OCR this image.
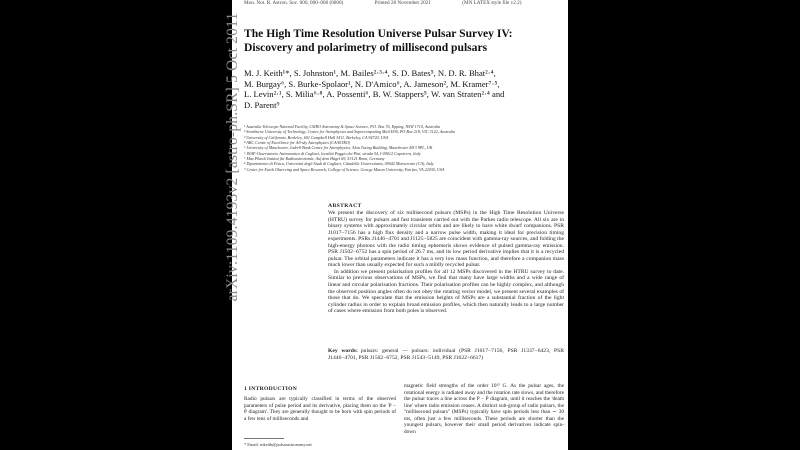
arXiv:1109.4193v2 [astro-ph.SR] 5 Oct 2011
Mon. Not. R. Astron. Soc. 000, 000–000 (0000)	Printed 28 November 2021	(MN LATEX style file v2.2)
The High Time Resolution Universe Pulsar Survey IV:
Discovery and polarimetry of millisecond pulsars
M. J. Keith¹*, S. Johnston¹, M. Bailes²·³·⁴, S. D. Bates⁵, N. D. R. Bhat²·⁴,
M. Burgay⁶, S. Burke-Spolaor¹, N. D'Amico⁶, A. Jameson², M. Kramer⁷·⁵,
L. Levin²·¹, S. Milia⁶·⁸, A. Possenti⁶, B. W. Stappers⁵, W. van Straten²·⁴ and
D. Parent⁹
¹ Australia Telescope National Facility, CSIRO Astronomy & Space Science, P.O. Box 76, Epping, NSW 1710, Australia
² Swinburne University of Technology, Centre for Astrophysics and Supercomputing Mail H30, PO Box 218, VIC 3122, Australia
³ University of California, Berkeley, 601 Campbell Hall 3411, Berkeley, CA 94720, USA
⁴ ARC Centre of Excellence for All-sky Astrophysics (CAASTRO)
⁵ University of Manchester, Jodrell Bank Centre for Astrophysics, Alan Turing Building, Manchester M13 9PL, UK
⁶ INAF-Osservatorio Astronomico di Cagliari, localitá Poggio dei Pini, strada 54, I-09012 Capoterra, Italy
⁷ Max Planck Institut für Radioastronomie, Auf dem Hügel 69, 53121 Bonn, Germany
⁸ Dipartimento di Fisica, Università degli Studi di Cagliari, Cittadella Universitaria, 09042 Monserrato (CA), Italy
⁹ Center for Earth Observing and Space Research, College of Science, George Mason University, Fairfax, VA 22030, USA
ABSTRACT

We present the discovery of six millisecond pulsars (MSPs) in the High Time Resolution Universe (HTRU) survey for pulsars and fast transients carried out with the Parkes radio telescope. All six are in binary systems with approximately circular orbits and are likely to have white dwarf companions. PSR J1017−7156 has a high flux density and a narrow pulse width, making it ideal for precision timing experiments. PSRs J1446−4701 and J1125−5825 are coincident with gamma-ray sources, and folding the high-energy photons with the radio timing ephemeris shows evidence of pulsed gamma-ray emission. PSR J1502−6752 has a spin period of 26.7 ms, and its low period derivative implies that it is a recycled pulsar. The orbital parameters indicate it has a very low mass function, and therefore a companion mass much lower than usually expected for such a mildly recycled pulsar.

In addition we present polarisation profiles for all 12 MSPs discovered in the HTRU survey to date. Similar to previous observations of MSPs, we find that many have large widths and a wide range of linear and circular polarisation fractions. Their polarisation profiles can be highly complex, and although the observed position angles often do not obey the rotating vector model, we present several examples of those that do. We speculate that the emission heights of MSPs are a substantial fraction of the light cylinder radius in order to explain broad emission profiles, which then naturally leads to a large number of cases where emission from both poles is observed.

Key words: pulsars: general — pulsars: individual (PSR J1017−7156, PSR J1337−6423, PSR J1446−4701, PSR J1502−6752, PSR J1543−5149, PSR J1622−6617)
1 INTRODUCTION
Radio pulsars are typically classified in terms of the observed parameters of pulse period and its derivative, placing them on the 'P − Ṗ diagram'. They are generally thought to be born with spin periods of a few tens of milliseconds and
magnetic field strengths of the order 10¹² G. As the pulsar ages, the rotational energy is radiated away and the rotation rate slows, and therefore the pulsar traces a line across the P − Ṗ diagram, until it reaches the 'death line' where radio emission ceases. A distinct sub-group of radio pulsars, the "millisecond pulsars" (MSPs) typically have spin periods less than ∼ 30 ms, often just a few milliseconds. These periods are shorter than the youngest pulsars, however their small period derivatives indicate spin-down
* Email: mkeith@pulsarastronomy.net
